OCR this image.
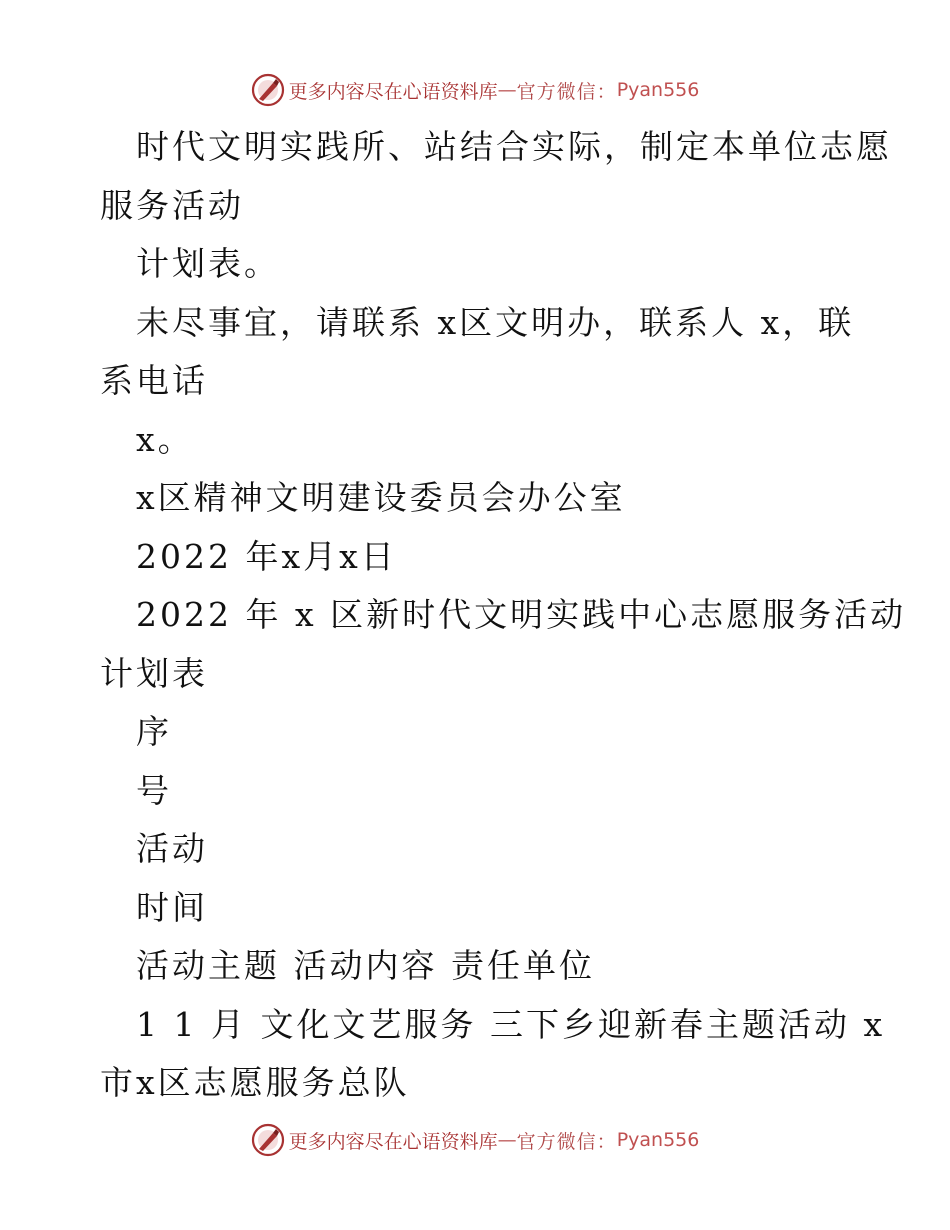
更多内容尽在心语资料库 — 官方微信： Pyan556

时代文明实践所、站结合实际，制定本单位志愿

服务活动

计划表。

未尽事宜，请联系 x区文明办，联系人 x，联

系电话

x。

x区精神文明建设委员会办公室

2022 年x月x日

2022 年 x 区新时代文明实践中心志愿服务活动

计划表

序

号

活动

时间

活动主题 活动内容 责任单位

1 1 月 文化文艺服务 三下乡迎新春主题活动 x

市x区志愿服务总队

更多内容尽在心语资料库 — 官方微信： Pyan556
